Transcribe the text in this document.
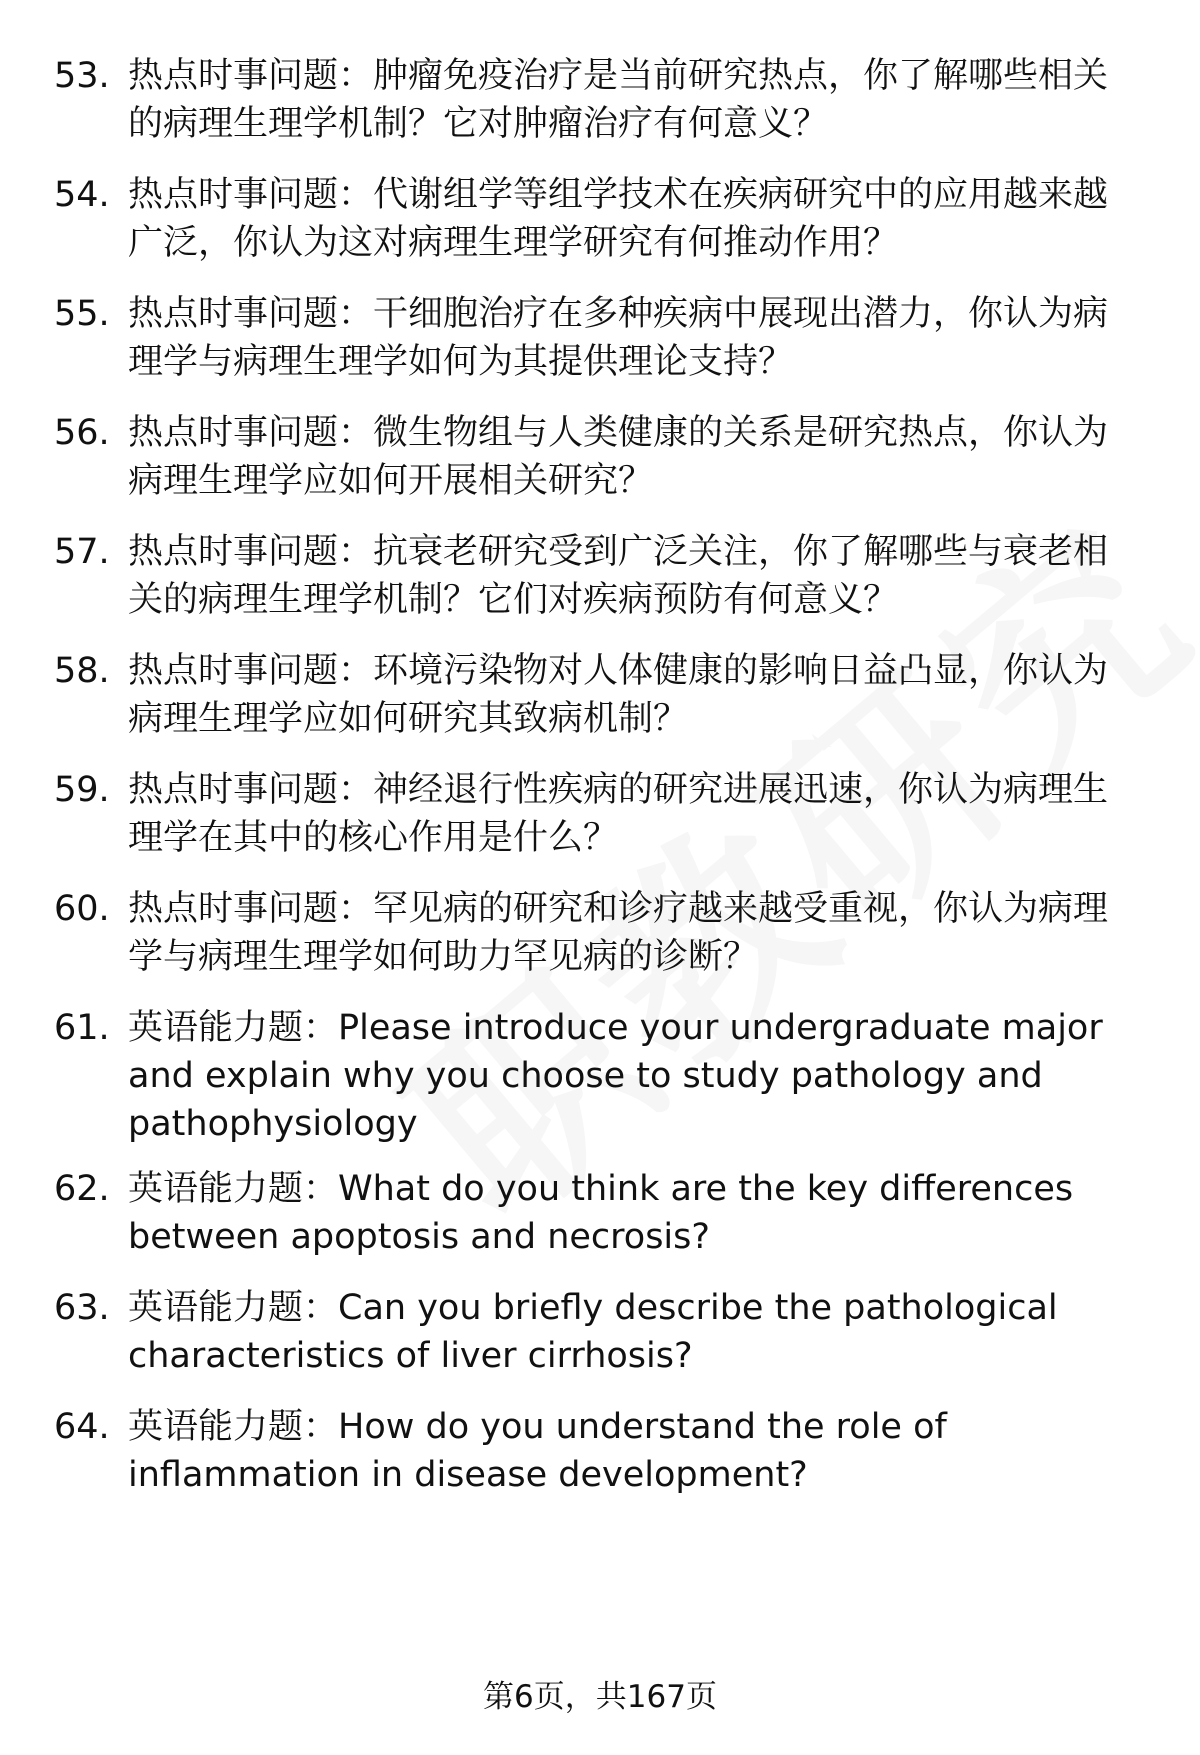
53. 热点时事问题：肿瘤免疫治疗是当前研究热点，你了解哪些相关的病理生理学机制？它对肿瘤治疗有何意义？

54. 热点时事问题：代谢组学等组学技术在疾病研究中的应用越来越广泛，你认为这对病理生理学研究有何推动作用？

55. 热点时事问题：干细胞治疗在多种疾病中展现出潜力，你认为病理学与病理生理学如何为其提供理论支持？

56. 热点时事问题：微生物组与人类健康的关系是研究热点，你认为病理生理学应如何开展相关研究？

57. 热点时事问题：抗衰老研究受到广泛关注，你了解哪些与衰老相关的病理生理学机制？它们对疾病预防有何意义？

58. 热点时事问题：环境污染物对人体健康的影响日益凸显，你认为病理生理学应如何研究其致病机制？

59. 热点时事问题：神经退行性疾病的研究进展迅速，你认为病理生理学在其中的核心作用是什么？

60. 热点时事问题：罕见病的研究和诊疗越来越受重视，你认为病理学与病理生理学如何助力罕见病的诊断？

61. 英语能力题：Please introduce your undergraduate major and explain why you choose to study pathology and pathophysiology

62. 英语能力题：What do you think are the key differences between apoptosis and necrosis?

63. 英语能力题：Can you briefly describe the pathological characteristics of liver cirrhosis?

64. 英语能力题：How do you understand the role of inflammation in disease development?

第6页，共167页
